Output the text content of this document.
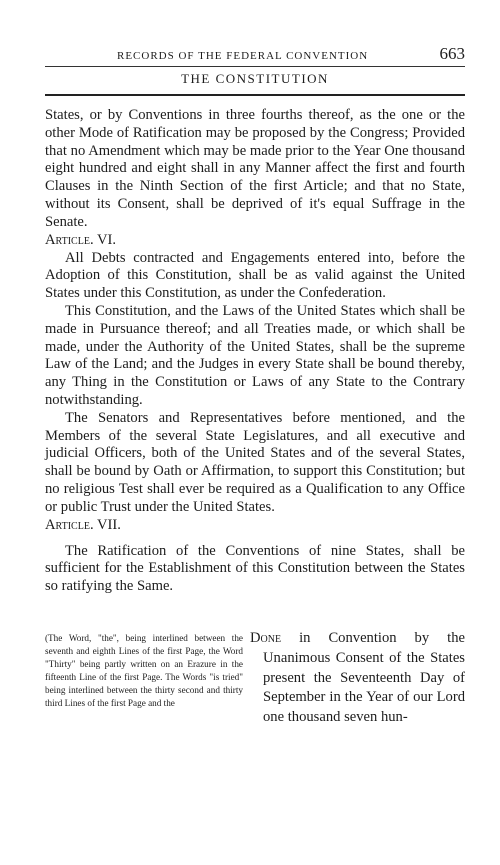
RECORDS OF THE FEDERAL CONVENTION	663
THE CONSTITUTION

States, or by Conventions in three fourths thereof, as the one or the other Mode of Ratification may be proposed by the Congress; Provided that no Amendment which may be made prior to the Year One thousand eight hundred and eight shall in any Manner affect the first and fourth Clauses in the Ninth Section of the first Article; and that no State, without its Consent, shall be deprived of it's equal Suffrage in the Senate.

Article. VI.

All Debts contracted and Engagements entered into, before the Adoption of this Constitution, shall be as valid against the United States under this Constitution, as under the Confederation.

This Constitution, and the Laws of the United States which shall be made in Pursuance thereof; and all Treaties made, or which shall be made, under the Authority of the United States, shall be the supreme Law of the Land; and the Judges in every State shall be bound thereby, any Thing in the Constitution or Laws of any State to the Contrary notwithstanding.

The Senators and Representatives before mentioned, and the Members of the several State Legislatures, and all executive and judicial Officers, both of the United States and of the several States, shall be bound by Oath or Affirmation, to support this Constitution; but no religious Test shall ever be required as a Qualification to any Office or public Trust under the United States.

Article. VII.

The Ratification of the Conventions of nine States, shall be sufficient for the Establishment of this Constitution between the States so ratifying the Same.

(The Word, "the", being interlined between the seventh and eighth Lines of the first Page, the Word "Thirty" being partly written on an Erazure in the fifteenth Line of the first Page. The Words "is tried" being interlined between the thirty second and thirty third Lines of the first Page and the

Done in Convention by the Unanimous Consent of the States present the Seventeenth Day of September in the Year of our Lord one thousand seven hun-
